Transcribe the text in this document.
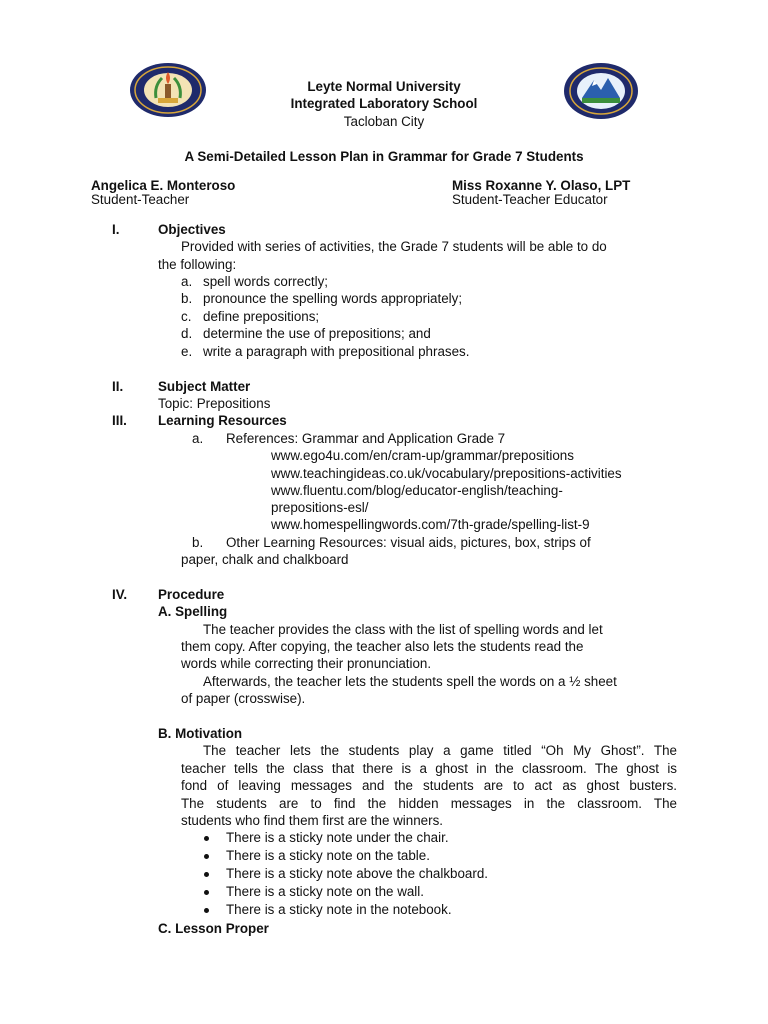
Leyte Normal University
Integrated Laboratory School
Tacloban City
A Semi-Detailed Lesson Plan in Grammar for Grade 7 Students
Angelica E. Monteroso
Student-Teacher
Miss Roxanne Y. Olaso, LPT
Student-Teacher Educator
I.	Objectives
Provided with series of activities, the Grade 7 students will be able to do
the following:
a. spell words correctly;
b. pronounce the spelling words appropriately;
c. define prepositions;
d. determine the use of prepositions; and
e. write a paragraph with prepositional phrases.
II.	Subject Matter
Topic: Prepositions
III. Learning Resources
a. References: Grammar and Application Grade 7
www.ego4u.com/en/cram-up/grammar/prepositions
www.teachingideas.co.uk/vocabulary/prepositions-activities
www.fluentu.com/blog/educator-english/teaching-
prepositions-esl/
www.homespellingwords.com/7th-grade/spelling-list-9
b. Other Learning Resources: visual aids, pictures, box, strips of
paper, chalk and chalkboard
IV. Procedure
A. Spelling
The teacher provides the class with the list of spelling words and let
them copy. After copying, the teacher also lets the students read the
words while correcting their pronunciation.
Afterwards, the teacher lets the students spell the words on a ½ sheet
of paper (crosswise).
B. Motivation
The teacher lets the students play a game titled “Oh My Ghost”. The
teacher tells the class that there is a ghost in the classroom. The ghost is
fond of leaving messages and the students are to act as ghost busters.
The students are to find the hidden messages in the classroom. The
students who find them first are the winners.
There is a sticky note under the chair.
There is a sticky note on the table.
There is a sticky note above the chalkboard.
There is a sticky note on the wall.
There is a sticky note in the notebook.
C. Lesson Proper
